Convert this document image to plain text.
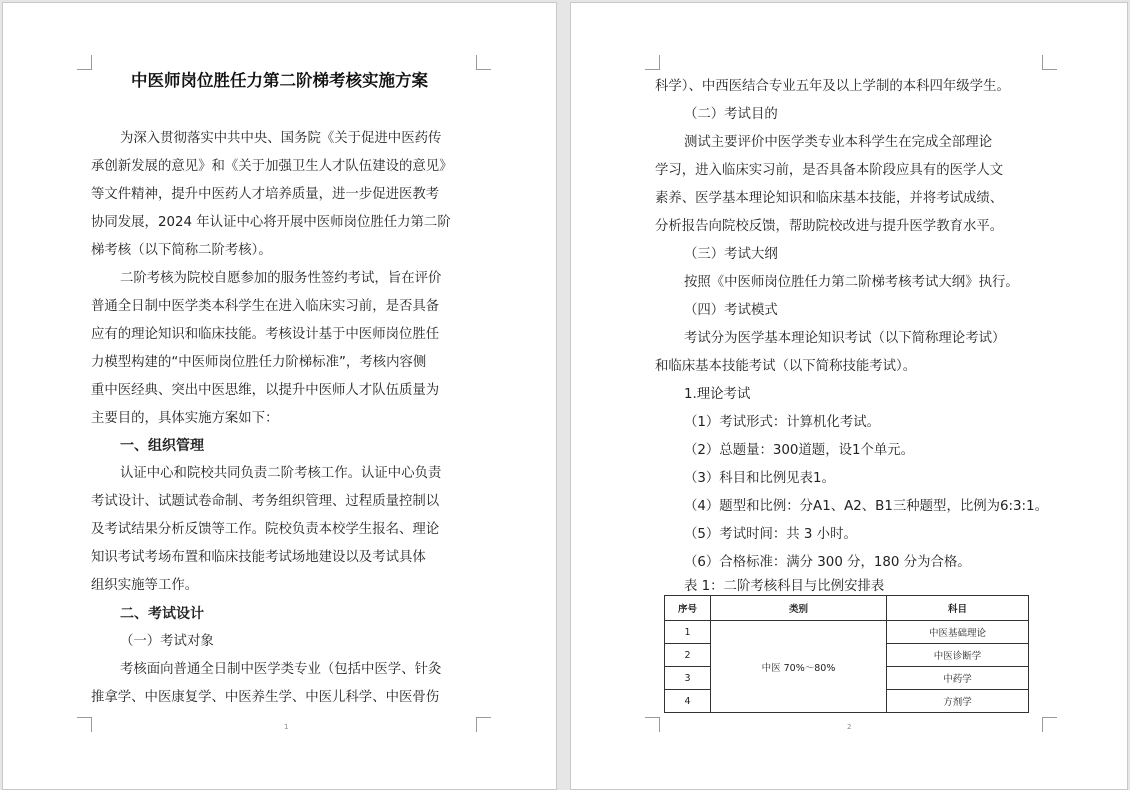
中医师岗位胜任力第二阶梯考核实施方案
为深入贯彻落实中共中央、国务院《关于促进中医药传
承创新发展的意见》和《关于加强卫生人才队伍建设的意见》
等文件精神，提升中医药人才培养质量，进一步促进医教考
协同发展，2024 年认证中心将开展中医师岗位胜任力第二阶
梯考核（以下简称二阶考核）。
二阶考核为院校自愿参加的服务性签约考试，旨在评价
普通全日制中医学类本科学生在进入临床实习前，是否具备
应有的理论知识和临床技能。考核设计基于中医师岗位胜任
力模型构建的“中医师岗位胜任力阶梯标准”，考核内容侧
重中医经典、突出中医思维，以提升中医师人才队伍质量为
主要目的，具体实施方案如下：
一、组织管理
认证中心和院校共同负责二阶考核工作。认证中心负责
考试设计、试题试卷命制、考务组织管理、过程质量控制以
及考试结果分析反馈等工作。院校负责本校学生报名、理论
知识考试考场布置和临床技能考试场地建设以及考试具体
组织实施等工作。
二、考试设计
（一）考试对象
考核面向普通全日制中医学类专业（包括中医学、针灸
推拿学、中医康复学、中医养生学、中医儿科学、中医骨伤
1
科学）、中西医结合专业五年及以上学制的本科四年级学生。
（二）考试目的
测试主要评价中医学类专业本科学生在完成全部理论
学习，进入临床实习前，是否具备本阶段应具有的医学人文
素养、医学基本理论知识和临床基本技能，并将考试成绩、
分析报告向院校反馈，帮助院校改进与提升医学教育水平。
（三）考试大纲
按照《中医师岗位胜任力第二阶梯考核考试大纲》执行。
（四）考试模式
考试分为医学基本理论知识考试（以下简称理论考试）
和临床基本技能考试（以下简称技能考试）。
1.理论考试
（1）考试形式：计算机化考试。
（2）总题量：300道题，设1个单元。
（3）科目和比例见表1。
（4）题型和比例：分A1、A2、B1三种题型，比例为6:3:1。
（5）考试时间：共 3 小时。
（6）合格标准：满分 300 分，180 分为合格。
表 1：二阶考核科目与比例安排表
序号	类别	科目
1	中医 70%～80%	中医基础理论
2		中医诊断学
3		中药学
4		方剂学
2
